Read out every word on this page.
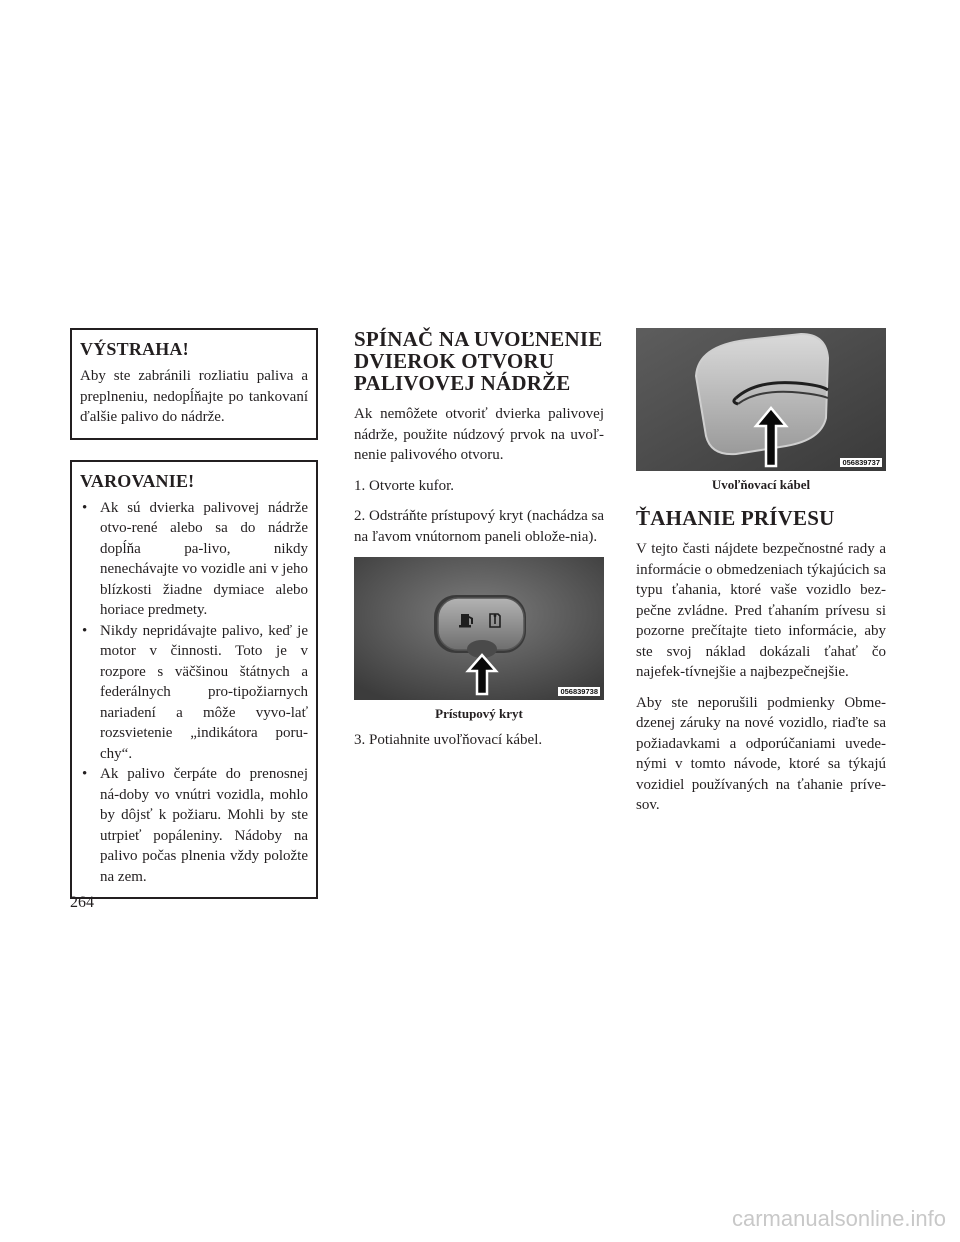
VÝSTRAHA!

Aby ste zabránili rozliatiu paliva a preplneniu, nedopĺňajte po tankovaní ďalšie palivo do nádrže.

VAROVANIE!
• Ak sú dvierka palivovej nádrže otvo-rené alebo sa do nádrže dopĺňa pa-livo, nikdy nenechávajte vo vozidle ani v jeho blízkosti žiadne dymiace alebo horiace predmety.
• Nikdy nepridávajte palivo, keď je motor v činnosti. Toto je v rozpore s väčšinou štátnych a federálnych pro-tipožiarnych nariadení a môže vyvo-lať rozsvietenie „indikátora poru-chy“.
• Ak palivo čerpáte do prenosnej ná-doby vo vnútri vozidla, mohlo by dôjsť k požiaru. Mohli by ste utrpieť popáleniny. Nádoby na palivo počas plnenia vždy položte na zem.
SPÍNAČ NA UVOĽNENIE DVIEROK OTVORU PALIVOVEJ NÁDRŽE

Ak nemôžete otvoriť dvierka palivovej nádrže, použite núdzový prvok na uvoľ-nenie palivového otvoru.

1. Otvorte kufor.

2. Odstráňte prístupový kryt (nachádza sa na ľavom vnútornom paneli oblože-nia).

056839738
Prístupový kryt

3. Potiahnite uvoľňovací kábel.

056839737
Uvoľňovací kábel
ŤAHANIE PRÍVESU

V tejto časti nájdete bezpečnostné rady a informácie o obmedzeniach týkajúcich sa typu ťahania, ktoré vaše vozidlo bez-pečne zvládne. Pred ťahaním prívesu si pozorne prečítajte tieto informácie, aby ste svoj náklad dokázali ťahať čo najefek-tívnejšie a najbezpečnejšie.

Aby ste neporušili podmienky Obme-dzenej záruky na nové vozidlo, riaďte sa požiadavkami a odporúčaniami uvede-nými v tomto návode, ktoré sa týkajú vozidiel používaných na ťahanie príve-sov.

264
carmanualsonline.info
